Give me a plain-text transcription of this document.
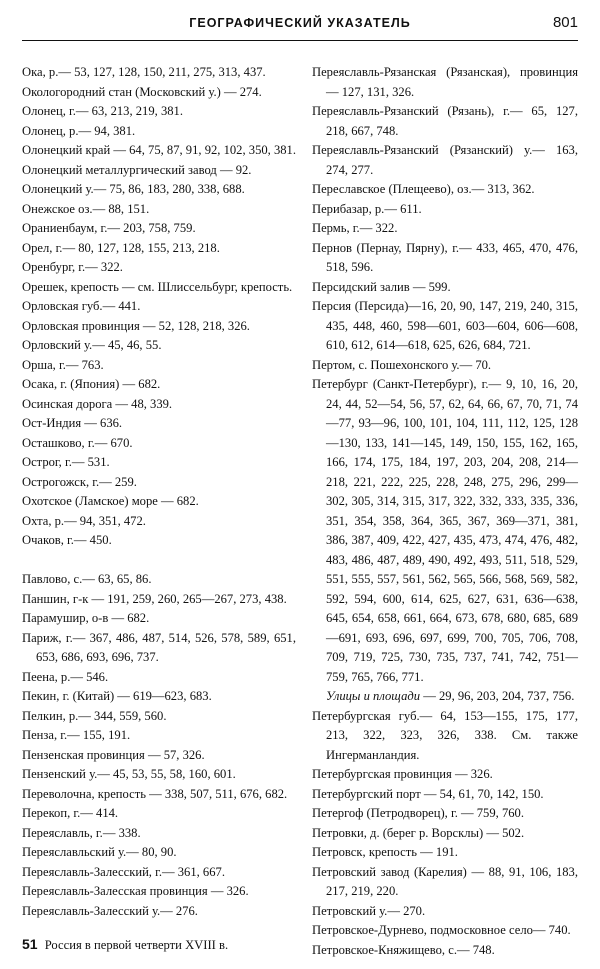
ГЕОГРАФИЧЕСКИЙ УКАЗАТЕЛЬ	801
Ока, р.— 53, 127, 128, 150, 211, 275, 313, 437.
Окологородний стан (Московский у.) — 274.
Олонец, г.— 63, 213, 219, 381.
Олонец, р.— 94, 381.
Олонецкий край — 64, 75, 87, 91, 92, 102, 350, 381.
Олонецкий металлургический завод — 92.
Олонецкий у.— 75, 86, 183, 280, 338, 688.
Онежское оз.— 88, 151.
Ораниенбаум, г.— 203, 758, 759.
Орел, г.— 80, 127, 128, 155, 213, 218.
Оренбург, г.— 322.
Орешек, крепость — см. Шлиссельбург, крепость.
Орловская губ.— 441.
Орловская провинция — 52, 128, 218, 326.
Орловский у.— 45, 46, 55.
Орша, г.— 763.
Осака, г. (Япония) — 682.
Осинская дорога — 48, 339.
Ост-Индия — 636.
Осташково, г.— 670.
Острог, г.— 531.
Острогожск, г.— 259.
Охотское (Ламское) море — 682.
Охта, р.— 94, 351, 472.
Очаков, г.— 450.
Павлово, с.— 63, 65, 86.
Паншин, г-к — 191, 259, 260, 265—267, 273, 438.
Парамушир, о-в — 682.
Париж, г.— 367, 486, 487, 514, 526, 578, 589, 651, 653, 686, 693, 696, 737.
Пеена, р.— 546.
Пекин, г. (Китай) — 619—623, 683.
Пелкин, р.— 344, 559, 560.
Пенза, г.— 155, 191.
Пензенская провинция — 57, 326.
Пензенский у.— 45, 53, 55, 58, 160, 601.
Переволочна, крепость — 338, 507, 511, 676, 682.
Перекоп, г.— 414.
Переяславль, г.— 338.
Переяславльский у.— 80, 90.
Переяславль-Залесский, г.— 361, 667.
Переяславль-Залесская провинция — 326.
Переяславль-Залесский у.— 276.
Переяславль-Рязанская (Рязанская), провинция — 127, 131, 326.
Переяславль-Рязанский (Рязань), г.— 65, 127, 218, 667, 748.
Переяславль-Рязанский (Рязанский) у.— 163, 274, 277.
Переславское (Плещеево), оз.— 313, 362.
Перибазар, р.— 611.
Пермь, г.— 322.
Пернов (Пернау, Пярну), г.— 433, 465, 470, 476, 518, 596.
Персидский залив — 599.
Персия (Персида)—16, 20, 90, 147, 219, 240, 315, 435, 448, 460, 598—601, 603—604, 606—608, 610, 612, 614—618, 625, 626, 684, 721.
Пертом, с. Пошехонского у.— 70.
Петербург (Санкт-Петербург), г.— 9, 10, 16, 20, 24, 44, 52—54, 56, 57, 62, 64, 66, 67, 70, 71, 74—77, 93—96, 100, 101, 104, 111, 112, 125, 128—130, 133, 141—145, 149, 150, 155, 162, 165, 166, 174, 175, 184, 197, 203, 204, 208, 214—218, 221, 222, 225, 228, 248, 275, 296, 299—302, 305, 314, 315, 317, 322, 332, 333, 335, 336, 351, 354, 358, 364, 365, 367, 369—371, 381, 386, 387, 409, 422, 427, 435, 473, 474, 476, 482, 483, 486, 487, 489, 490, 492, 493, 511, 518, 529, 551, 555, 557, 561, 562, 565, 566, 568, 569, 582, 592, 594, 600, 614, 625, 627, 631, 636—638, 645, 654, 658, 661, 664, 673, 678, 680, 685, 689—691, 693, 696, 697, 699, 700, 705, 706, 708, 709, 719, 725, 730, 735, 737, 741, 742, 751—759, 765, 766, 771.
Улицы и площади — 29, 96, 203, 204, 737, 756.
Петербургская губ.— 64, 153—155, 175, 177, 213, 322, 323, 326, 338. См. также Ингерманландия.
Петербургская провинция — 326.
Петербургский порт — 54, 61, 70, 142, 150.
Петергоф (Петродворец), г. — 759, 760.
Петровки, д. (берег р. Ворсклы) — 502.
Петровск, крепость — 191.
Петровский завод (Карелия) — 88, 91, 106, 183, 217, 219, 220.
Петровский у.— 270.
Петровское-Дурнево, подмосковное село— 740.
Петровское-Княжищево, с.— 748.
51 Россия в первой четверти XVIII в.
